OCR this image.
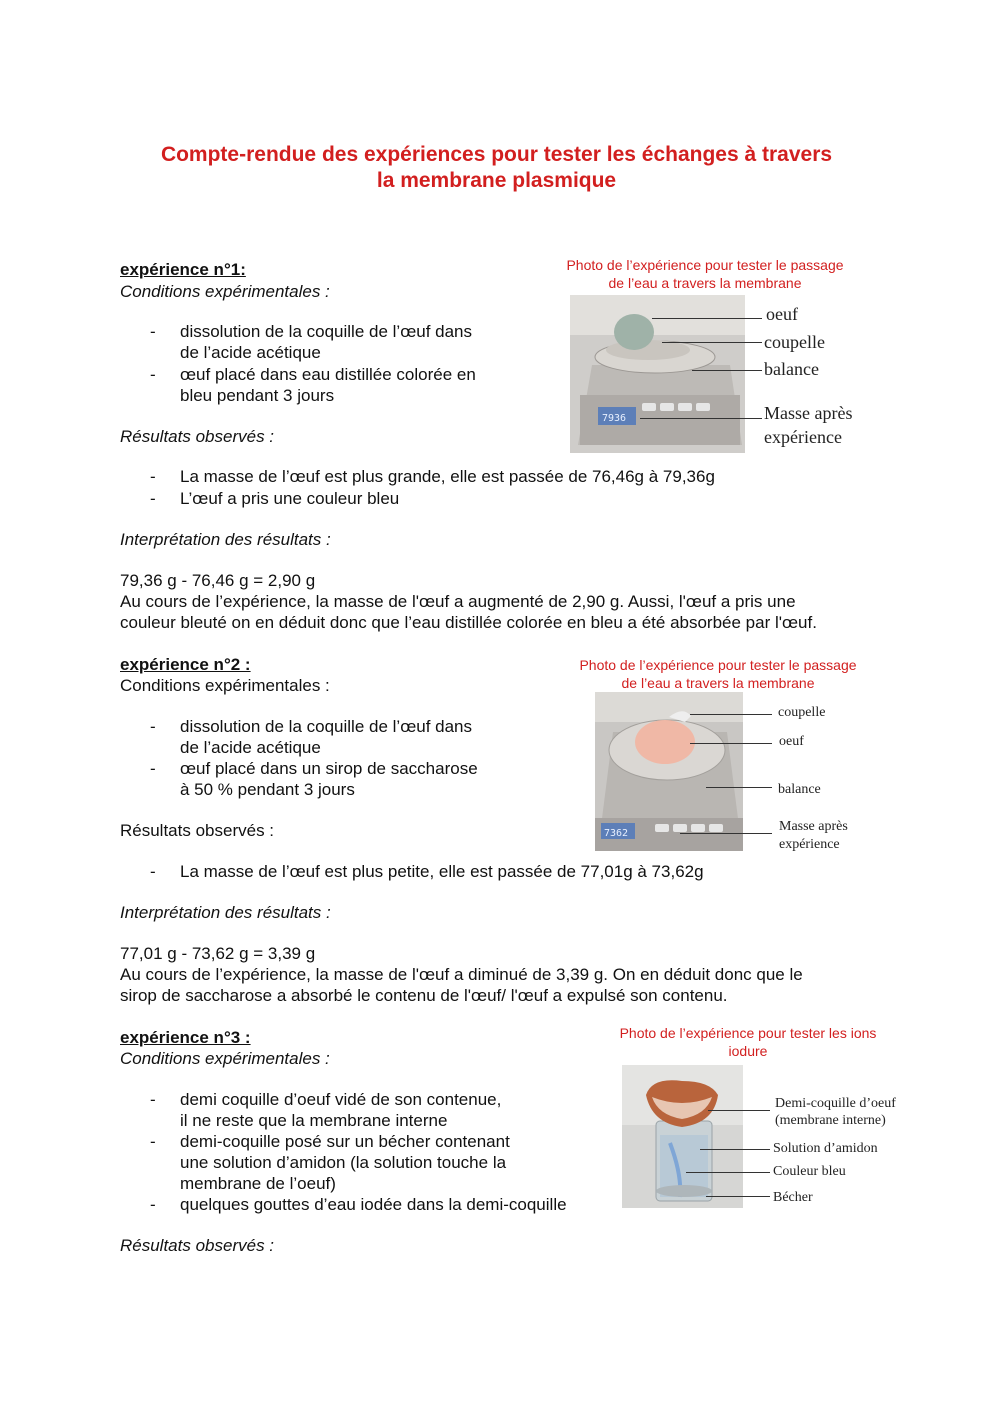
Compte-rendue des expériences pour tester les échanges à travers
la membrane plasmique
expérience n°1:
Conditions expérimentales :
- dissolution de la coquille de l’œuf dans
de l’acide acétique
- œuf placé dans eau distillée colorée en
bleu pendant 3 jours
Résultats observés :
- La masse de l’œuf est plus grande, elle est passée de 76,46g à 79,36g
- L’œuf a pris une couleur bleu
Interprétation des résultats :
79,36 g - 76,46 g = 2,90 g
Au cours de l’expérience, la masse de l'œuf a augmenté de 2,90 g. Aussi, l'œuf a pris une
couleur bleuté on en déduit donc que l’eau distillée colorée en bleu a été absorbée par l'œuf.
Photo de l’expérience pour tester le passage
de l’eau a travers la membrane
7936
oeuf
coupelle
balance
Masse après
expérience
expérience n°2 :
Conditions expérimentales :
- dissolution de la coquille de l’œuf dans
de l’acide acétique
- œuf placé dans un sirop de saccharose
à 50 % pendant 3 jours
Résultats observés :
- La masse de l’œuf est plus petite, elle est passée de 77,01g à 73,62g
Interprétation des résultats :
77,01 g - 73,62 g = 3,39 g
Au cours de l’expérience, la masse de l'œuf a diminué de 3,39 g. On en déduit donc que le
sirop de saccharose a absorbé le contenu de l'œuf/ l'œuf a expulsé son contenu.
Photo de l’expérience pour tester le passage
de l’eau a travers la membrane
7362
coupelle
oeuf
balance
Masse après
expérience
expérience n°3 :
Conditions expérimentales :
- demi coquille d’oeuf vidé de son contenue,
il ne reste que la membrane interne
- demi-coquille posé sur un bécher contenant
une solution d’amidon (la solution touche la
membrane de l’oeuf)
- quelques gouttes d’eau iodée dans la demi-coquille
Résultats observés :
Photo de l’expérience pour tester les ions
iodure
Demi-coquille d’oeuf
(membrane interne)
Solution d’amidon
Couleur bleu
Bécher
